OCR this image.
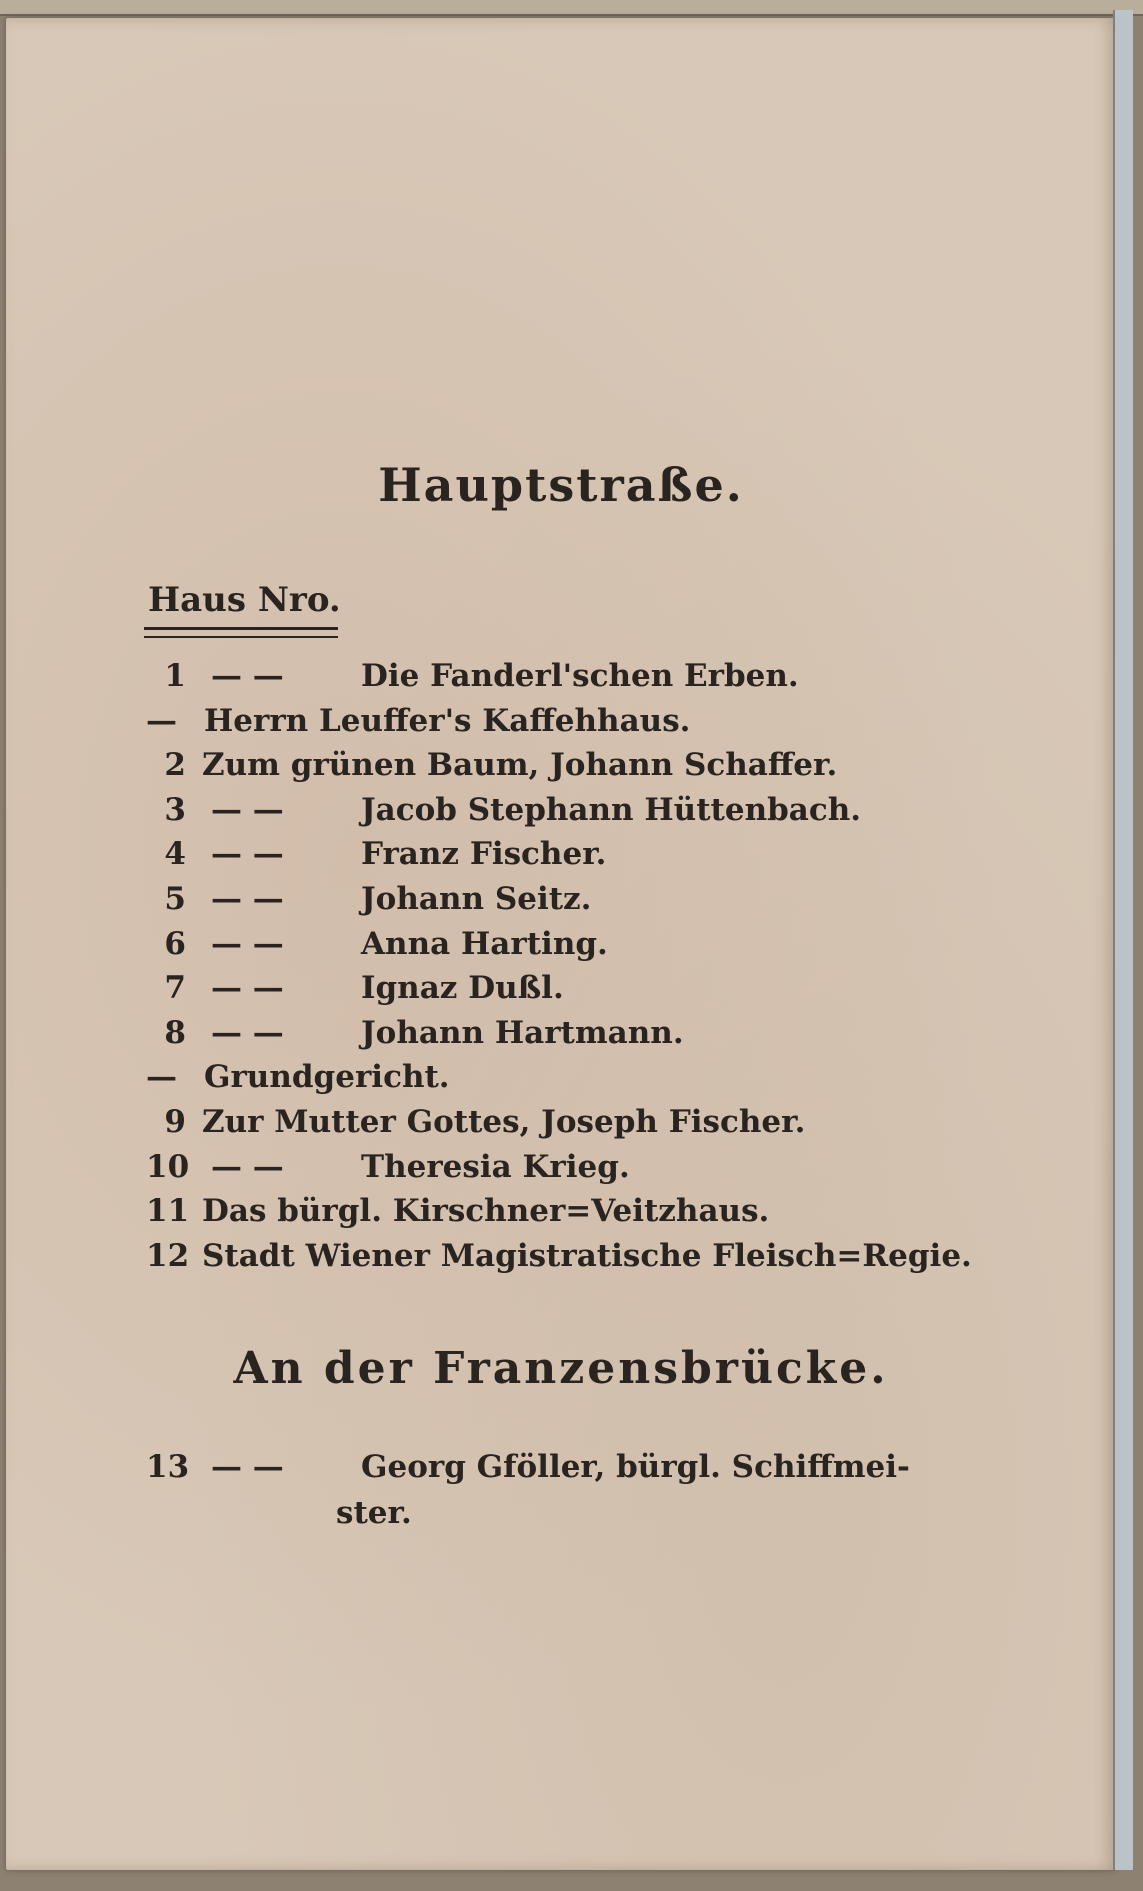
Hauptstraße.
Haus Nro.
1 — — Die Fanderl'schen Erben.
— Herrn Leuffer's Kaffehhaus.
2 Zum grünen Baum, Johann Schaffer.
3 — — Jacob Stephann Hüttenbach.
4 — — Franz Fischer.
5 — — Johann Seitz.
6 — — Anna Harting.
7 — — Ignaz Dußl.
8 — — Johann Hartmann.
— Grundgericht.
9 Zur Mutter Gottes, Joseph Fischer.
10 — — Theresia Krieg.
11 Das bürgl. Kirschner=Veitzhaus.
12 Stadt Wiener Magistratische Fleisch=Regie.
An der Franzensbrücke.
13 — — Georg Gföller, bürgl. Schiffmei-
ster.
